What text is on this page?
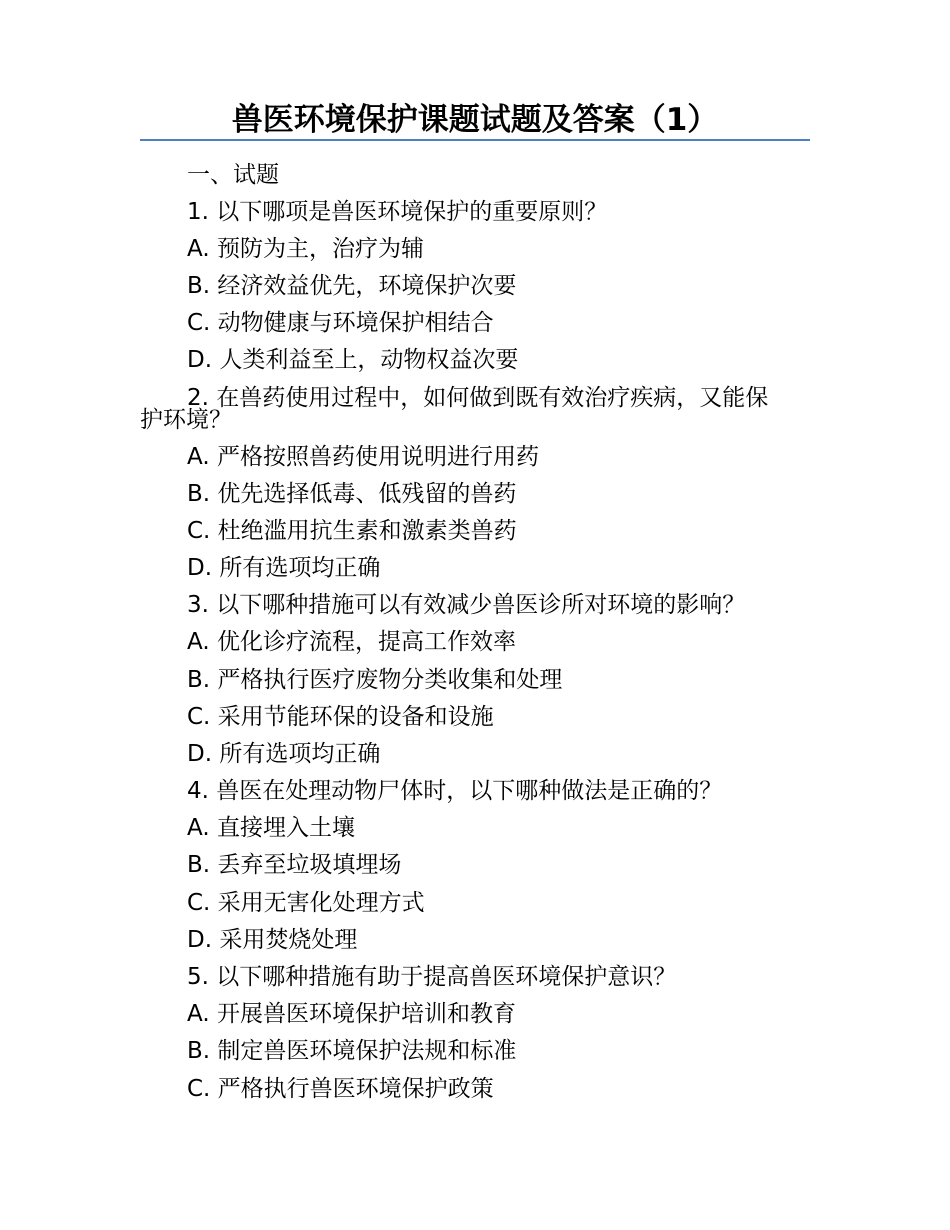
兽医环境保护课题试题及答案（1）
一、试题
1. 以下哪项是兽医环境保护的重要原则？
A. 预防为主，治疗为辅
B. 经济效益优先，环境保护次要
C. 动物健康与环境保护相结合
D. 人类利益至上，动物权益次要
2. 在兽药使用过程中，如何做到既有效治疗疾病，又能保
护环境？
A. 严格按照兽药使用说明进行用药
B. 优先选择低毒、低残留的兽药
C. 杜绝滥用抗生素和激素类兽药
D. 所有选项均正确
3. 以下哪种措施可以有效减少兽医诊所对环境的影响？
A. 优化诊疗流程，提高工作效率
B. 严格执行医疗废物分类收集和处理
C. 采用节能环保的设备和设施
D. 所有选项均正确
4. 兽医在处理动物尸体时，以下哪种做法是正确的？
A. 直接埋入土壤
B. 丢弃至垃圾填埋场
C. 采用无害化处理方式
D. 采用焚烧处理
5. 以下哪种措施有助于提高兽医环境保护意识？
A. 开展兽医环境保护培训和教育
B. 制定兽医环境保护法规和标准
C. 严格执行兽医环境保护政策
